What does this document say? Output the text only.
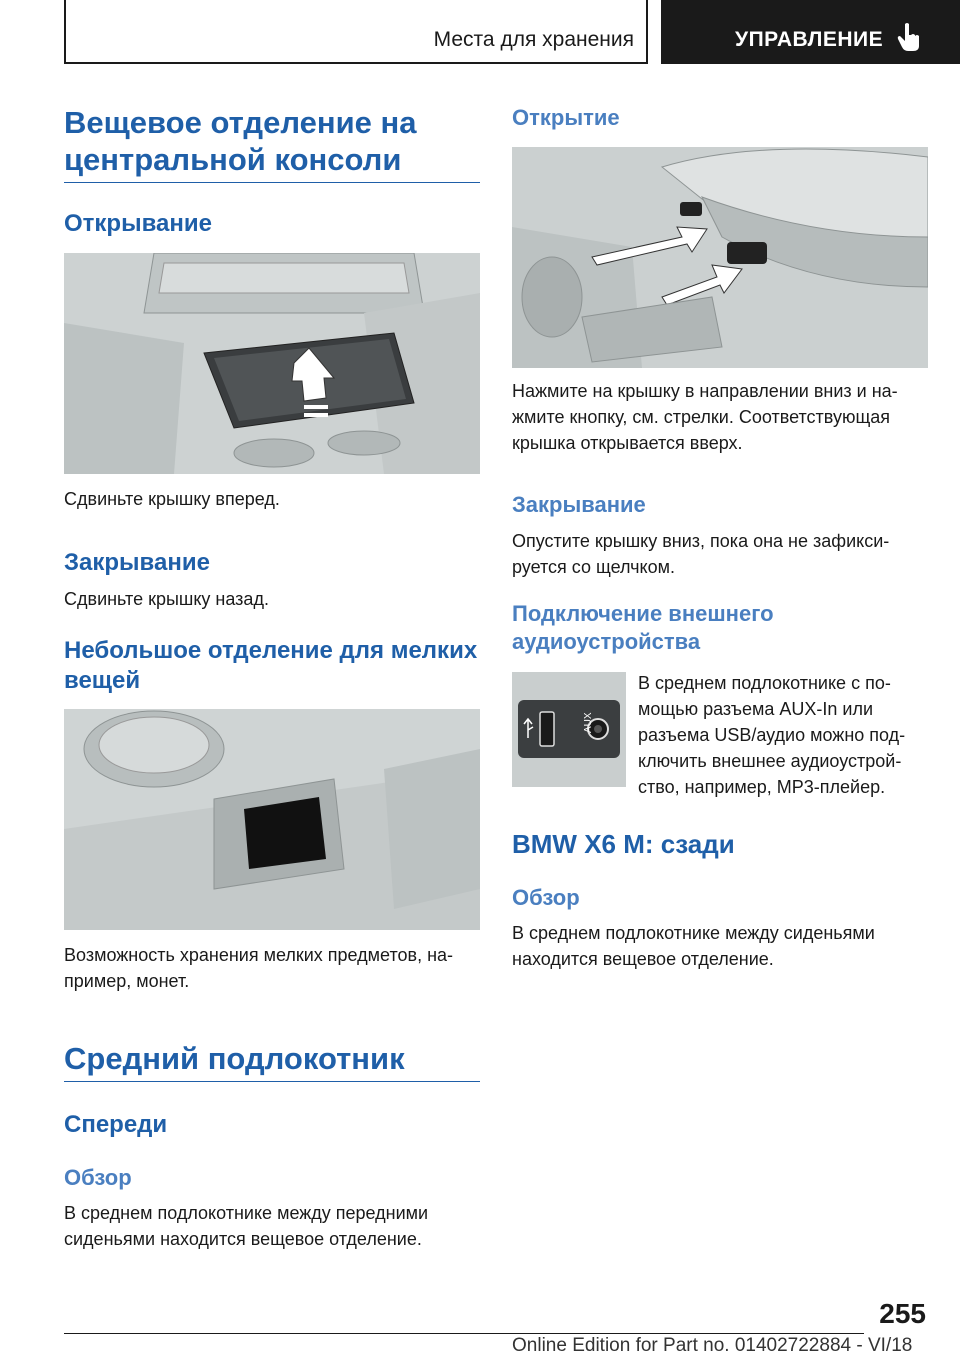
Места для хранения	УПРАВЛЕНИЕ
Вещевое отделение на центральной консоли
Открывание

Сдвиньте крышку вперед.

Закрывание

Сдвиньте крышку назад.

Небольшое отделение для мелких вещей

Возможность хранения мелких предметов, на-пример, монет.

Средний подлокотник
Спереди
Обзор

В среднем подлокотнике между передними сиденьями находится вещевое отделение.

Открытие

Нажмите на крышку в направлении вниз и на-жмите кнопку, см. стрелки. Соответствующая крышка открывается вверх.

Закрывание

Опустите крышку вниз, пока она не зафикси-руется со щелчком.

Подключение внешнего аудиоустройства
AUX

В среднем подлокотнике с по-мощью разъема AUX-In или разъема USB/аудио можно под-ключить внешнее аудиоустрой-ство, например, MP3-плейер.

BMW X6 M: сзади
Обзор

В среднем подлокотнике между сиденьями находится вещевое отделение.

255
Online Edition for Part no. 01402722884 - VI/18
